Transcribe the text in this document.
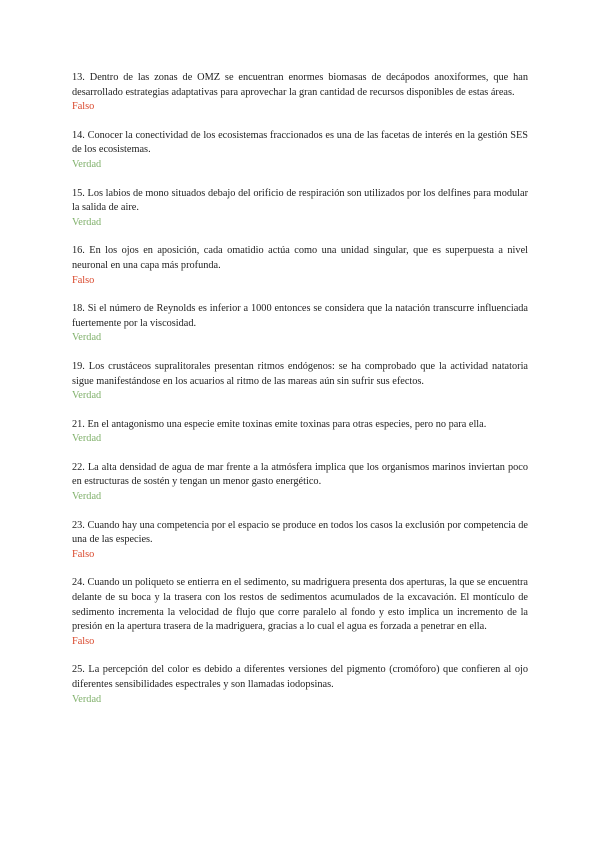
13. Dentro de las zonas de OMZ se encuentran enormes biomasas de decápodos anoxiformes, que han desarrollado estrategias adaptativas para aprovechar la gran cantidad de recursos disponibles de estas áreas.

Falso

14. Conocer la conectividad de los ecosistemas fraccionados es una de las facetas de interés en la gestión SES de los ecosistemas.

Verdad

15. Los labios de mono situados debajo del orificio de respiración son utilizados por los delfines para modular la salida de aire.

Verdad

16. En los ojos en aposición, cada omatidio actúa como una unidad singular, que es superpuesta a nivel neuronal en una capa más profunda.

Falso

18. Si el número de Reynolds es inferior a 1000 entonces se considera que la natación transcurre influenciada fuertemente por la viscosidad.

Verdad

19. Los crustáceos supralitorales presentan ritmos endógenos: se ha comprobado que la actividad natatoria sigue manifestándose en los acuarios al ritmo de las mareas aún sin sufrir sus efectos.

Verdad

21. En el antagonismo una especie emite toxinas emite toxinas para otras especies, pero no para ella.

Verdad

22. La alta densidad de agua de mar frente a la atmósfera implica que los organismos marinos inviertan poco en estructuras de sostén y tengan un menor gasto energético.

Verdad

23. Cuando hay una competencia por el espacio se produce en todos los casos la exclusión por competencia de una de las especies.

Falso

24. Cuando un poliqueto se entierra en el sedimento, su madriguera presenta dos aperturas, la que se encuentra delante de su boca y la trasera con los restos de sedimentos acumulados de la excavación. El montículo de sedimento incrementa la velocidad de flujo que corre paralelo al fondo y esto implica un incremento de la presión en la apertura trasera de la madriguera, gracias a lo cual el agua es forzada a penetrar en ella.

Falso

25. La percepción del color es debido a diferentes versiones del pigmento (cromóforo) que confieren al ojo diferentes sensibilidades espectrales y son llamadas iodopsinas.

Verdad
